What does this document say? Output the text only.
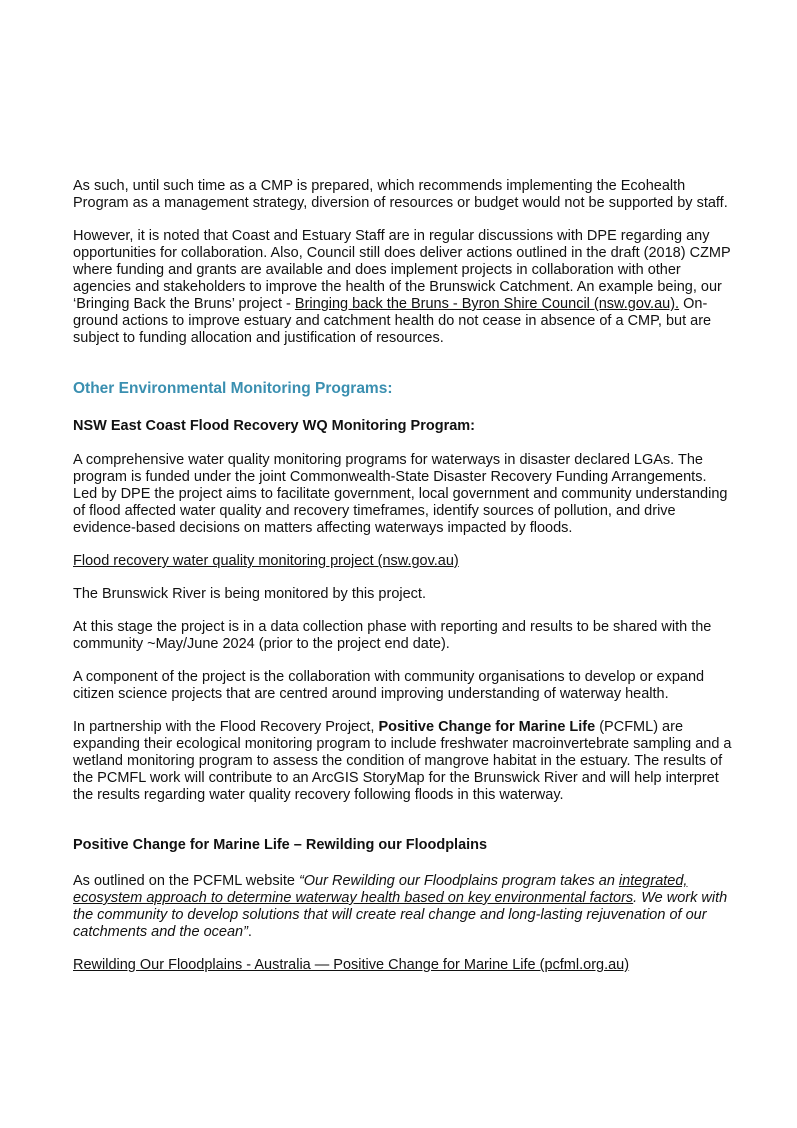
As such, until such time as a CMP is prepared, which recommends implementing the Ecohealth Program as a management strategy, diversion of resources or budget would not be supported by staff.

However, it is noted that Coast and Estuary Staff are in regular discussions with DPE regarding any opportunities for collaboration. Also, Council still does deliver actions outlined in the draft (2018) CZMP where funding and grants are available and does implement projects in collaboration with other agencies and stakeholders to improve the health of the Brunswick Catchment. An example being, our ‘Bringing Back the Bruns’ project - Bringing back the Bruns - Byron Shire Council (nsw.gov.au). On-ground actions to improve estuary and catchment health do not cease in absence of a CMP, but are subject to funding allocation and justification of resources.

Other Environmental Monitoring Programs:

NSW East Coast Flood Recovery WQ Monitoring Program:

A comprehensive water quality monitoring programs for waterways in disaster declared LGAs. The program is funded under the joint Commonwealth-State Disaster Recovery Funding Arrangements. Led by DPE the project aims to facilitate government, local government and community understanding of flood affected water quality and recovery timeframes, identify sources of pollution, and drive evidence-based decisions on matters affecting waterways impacted by floods.

Flood recovery water quality monitoring project (nsw.gov.au)

The Brunswick River is being monitored by this project.

At this stage the project is in a data collection phase with reporting and results to be shared with the community ~May/June 2024 (prior to the project end date).

A component of the project is the collaboration with community organisations to develop or expand citizen science projects that are centred around improving understanding of waterway health.

In partnership with the Flood Recovery Project, Positive Change for Marine Life (PCFML) are expanding their ecological monitoring program to include freshwater macroinvertebrate sampling and a wetland monitoring program to assess the condition of mangrove habitat in the estuary. The results of the PCMFL work will contribute to an ArcGIS StoryMap for the Brunswick River and will help interpret the results regarding water quality recovery following floods in this waterway.

Positive Change for Marine Life – Rewilding our Floodplains

As outlined on the PCFML website “Our Rewilding our Floodplains program takes an integrated, ecosystem approach to determine waterway health based on key environmental factors. We work with the community to develop solutions that will create real change and long-lasting rejuvenation of our catchments and the ocean”.

Rewilding Our Floodplains - Australia — Positive Change for Marine Life (pcfml.org.au)
